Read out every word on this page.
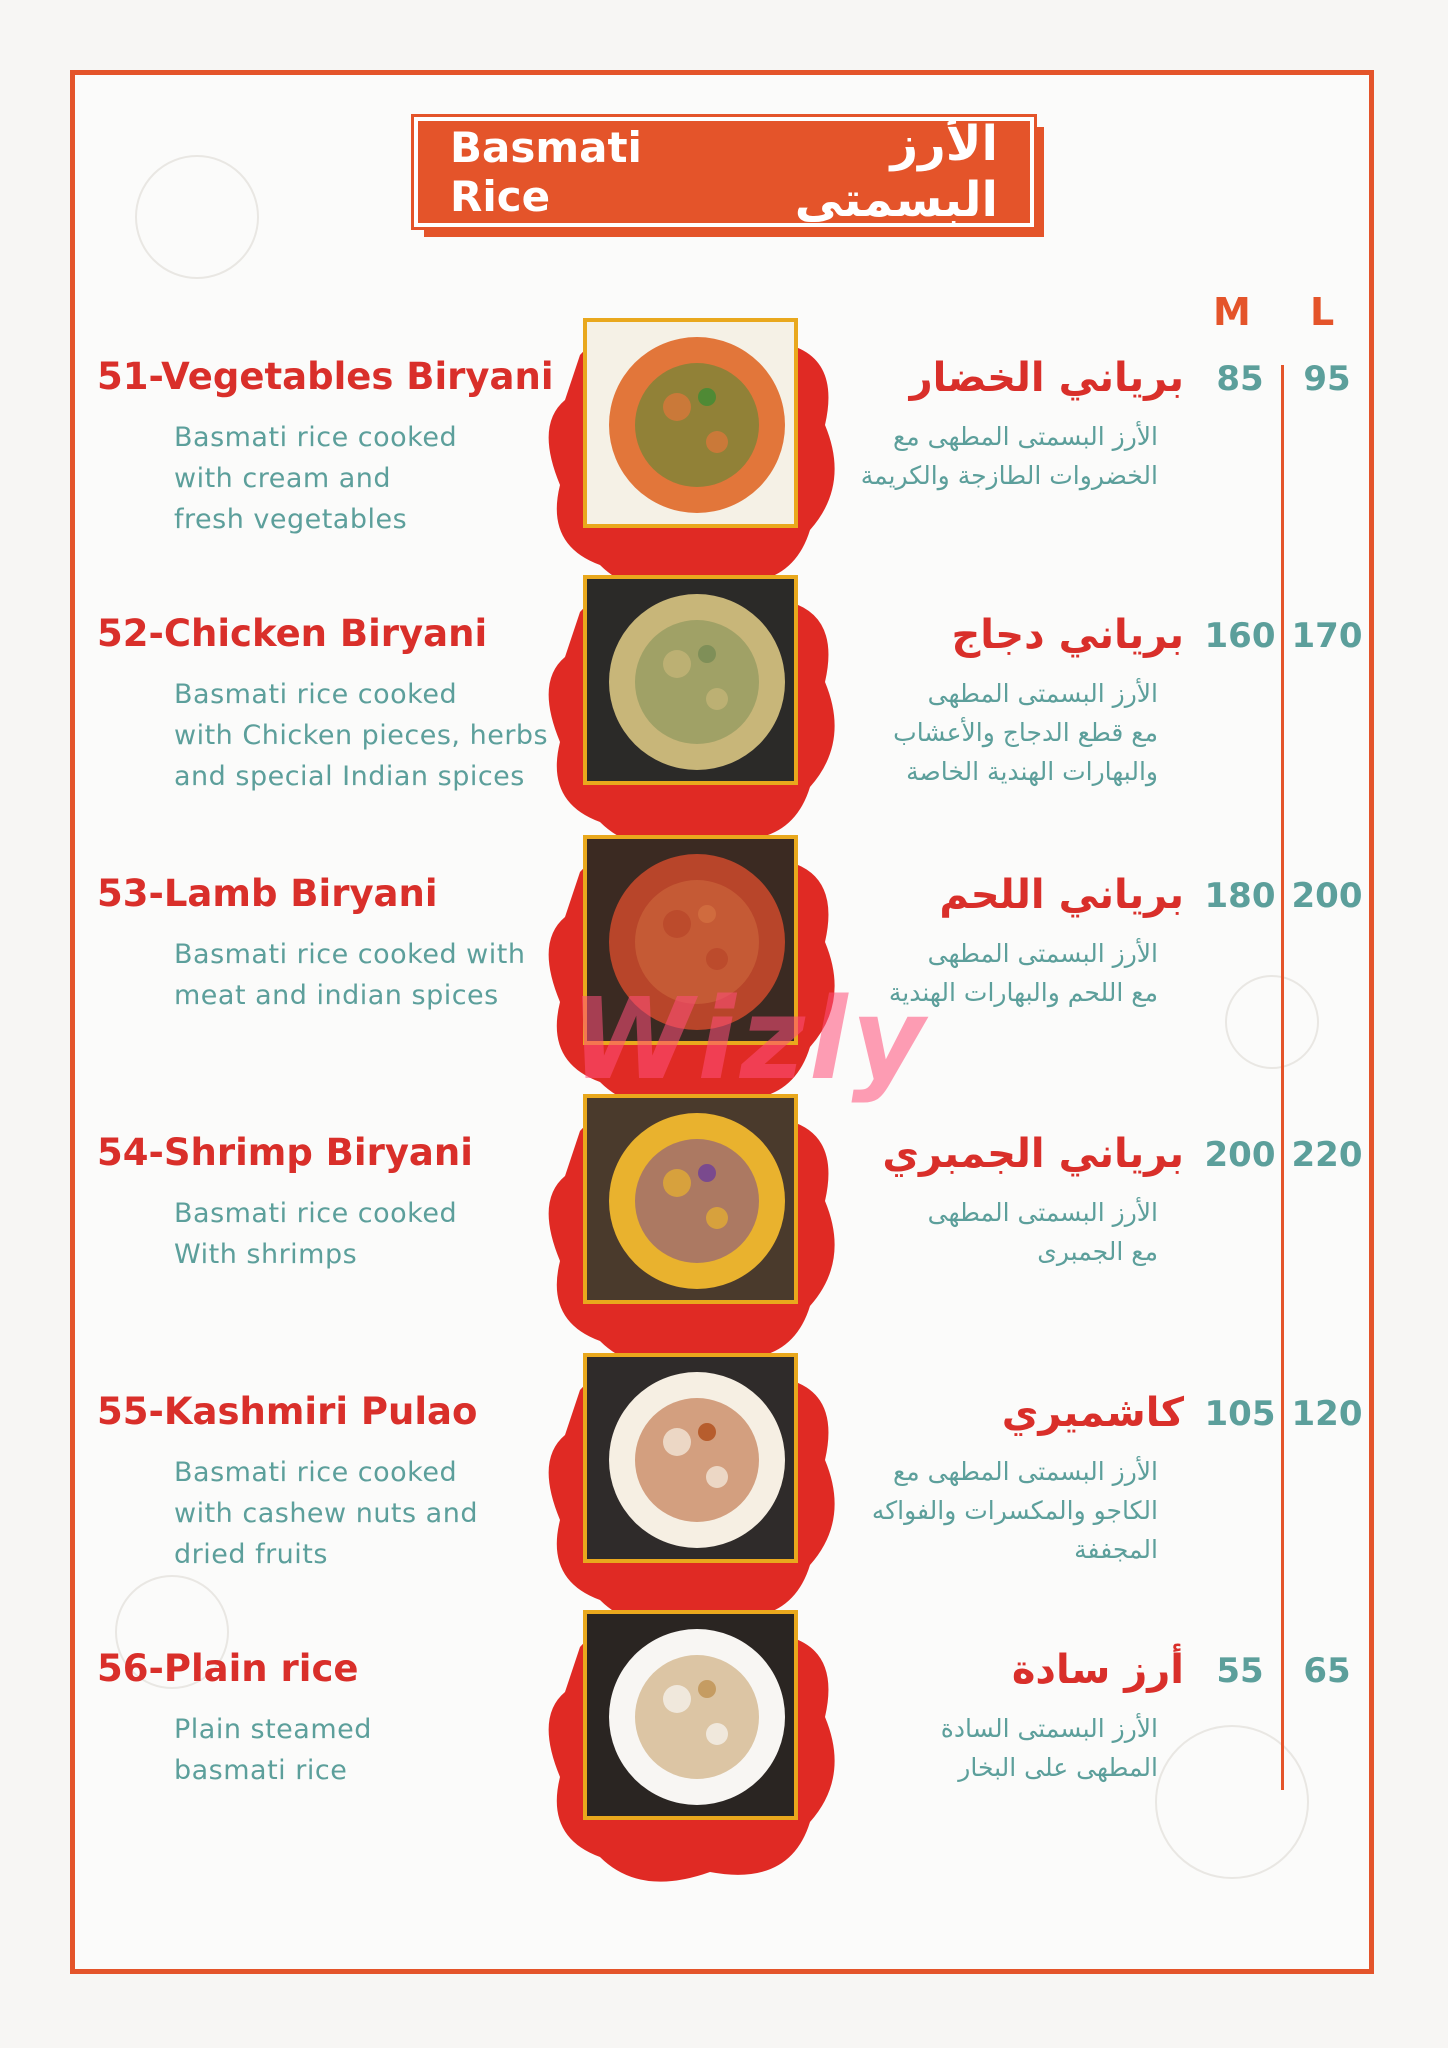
Basmati Rice
الأرز البسمتي
M L
51-Vegetables Biryani
Basmati rice cooked
with cream and
fresh vegetables
برياني الخضار
الأرز البسمتى المطهى مع
الخضروات الطازجة والكريمة
85	95
52-Chicken Biryani
Basmati rice cooked
with Chicken pieces, herbs
and special Indian spices
برياني دجاج
الأرز البسمتى المطهى
مع قطع الدجاج والأعشاب
والبهارات الهندية الخاصة
160 170
53-Lamb Biryani
Basmati rice cooked with
meat and indian spices
برياني اللحم
الأرز البسمتى المطهى
مع اللحم والبهارات الهندية
180 200
54-Shrimp Biryani
Basmati rice cooked
With shrimps
برياني الجمبري
الأرز البسمتى المطهى
مع الجمبرى
200 220
55-Kashmiri Pulao
Basmati rice cooked
with cashew nuts and
dried fruits
كاشميري
الأرز البسمتى المطهى مع
الكاجو والمكسرات والفواكه
المجففة
105 120
56-Plain rice
Plain steamed
basmati rice
أرز سادة
الأرز البسمتى السادة
المطهى على البخار
55	65
Wizly
